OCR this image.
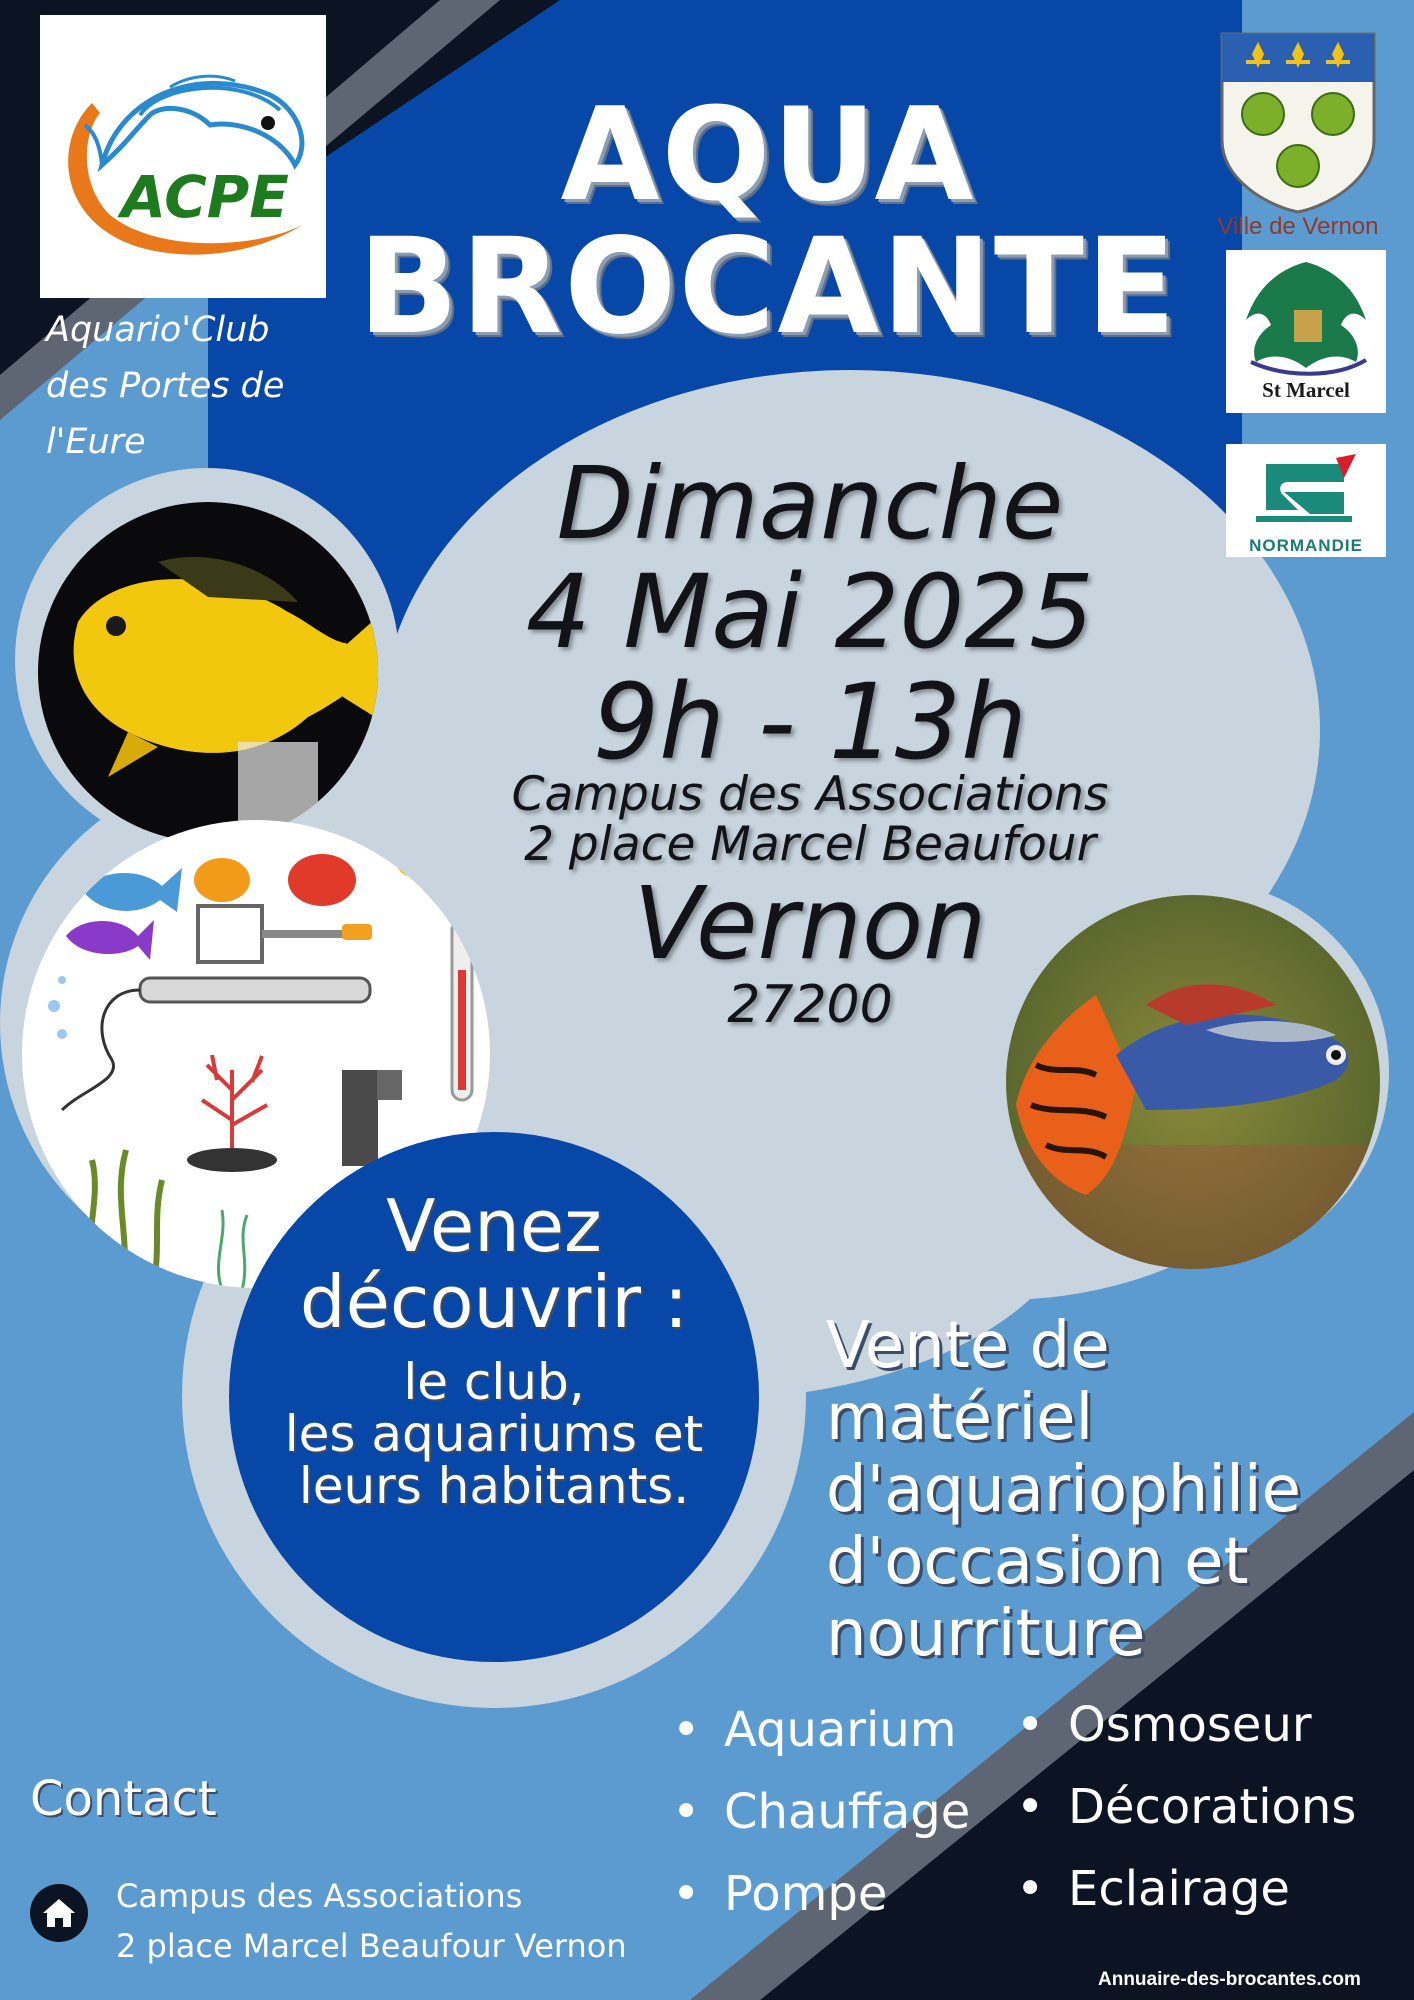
ACPE
Aquario'Club
des Portes de
l'Eure
AQUA
BROCANTE	Ville de Vernon
St Marcel
NORMANDIE
Dimanche
4 Mai 2025
9h - 13h
Campus des Associations
2 place Marcel Beaufour
Vernon
27200
Venez
découvrir :
le club,
les aquariums et
leurs habitants.
Vente de
matériel
d'aquariophilie
d'occasion et
nourriture
• Aquarium
• Chauffage
• Pompe
• Osmoseur
• Décorations
• Eclairage
Contact
Campus des Associations
2 place Marcel Beaufour Vernon
Annuaire-des-brocantes.com
